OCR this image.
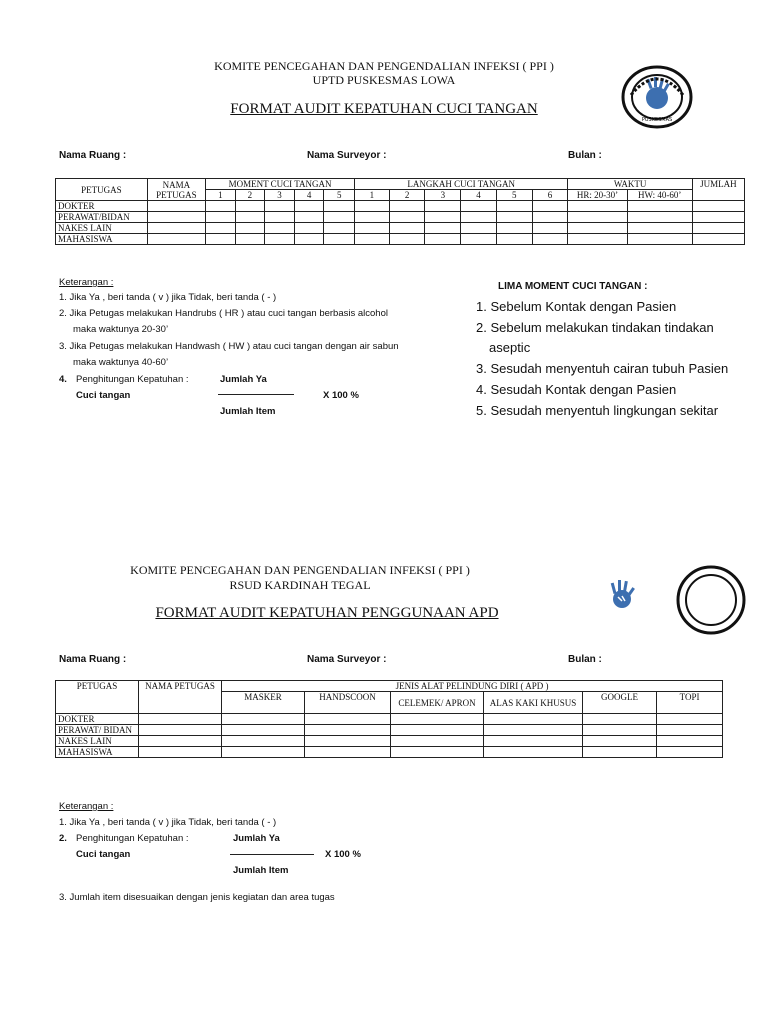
KOMITE PENCEGAHAN DAN PENGENDALIAN INFEKSI ( PPI )
UPTD PUSKESMAS LOWA
FORMAT AUDIT KEPATUHAN CUCI TANGAN
PUSKESMAS
Nama Ruang :	Nama Surveyor :	Bulan :
PETUGAS	NAMA PETUGAS	MOMENT CUCI TANGAN					LANGKAH CUCI TANGAN						WAKTU		JUMLAH
		1	2	3	4	5	1	2	3	4	5	6	HR: 20-30’	HW: 40-60’	
DOKTER															
PERAWAT/BIDAN															
NAKES LAIN															
MAHASISWA															
Keterangan :
1. Jika Ya , beri tanda ( v ) jika Tidak, beri tanda ( - )
2. Jika Petugas melakukan Handrubs ( HR ) atau cuci tangan berbasis alcohol
maka waktunya 20-30’
3. Jika Petugas melakukan Handwash ( HW ) atau cuci tangan dengan air sabun
maka waktunya 40-60’
4. Penghitungan Kepatuhan :	Jumlah Ya
Cuci tangan	X 100 %
Jumlah Item
LIMA MOMENT CUCI TANGAN :
1. Sebelum Kontak dengan Pasien
2. Sebelum melakukan tindakan tindakan
aseptic
3. Sesudah menyentuh cairan tubuh Pasien
4. Sesudah Kontak dengan Pasien
5. Sesudah menyentuh lingkungan sekitar
KOMITE PENCEGAHAN DAN PENGENDALIAN INFEKSI ( PPI )
RSUD KARDINAH TEGAL
FORMAT AUDIT KEPATUHAN PENGGUNAAN APD
Nama Ruang :	Nama Surveyor :	Bulan :
PETUGAS	NAMA PETUGAS	JENIS ALAT PELINDUNG DIRI ( APD )					
		MASKER	HANDSCOON	CELEMEK/ APRON	ALAS KAKI KHUSUS	GOOGLE	TOPI
DOKTER							
PERAWAT/ BIDAN							
NAKES LAIN							
MAHASISWA							
Keterangan :
1. Jika Ya , beri tanda ( v ) jika Tidak, beri tanda ( - )
2. Penghitungan Kepatuhan :	Jumlah Ya
Cuci tangan	X 100 %
Jumlah Item
3. Jumlah item disesuaikan dengan jenis kegiatan dan area tugas
